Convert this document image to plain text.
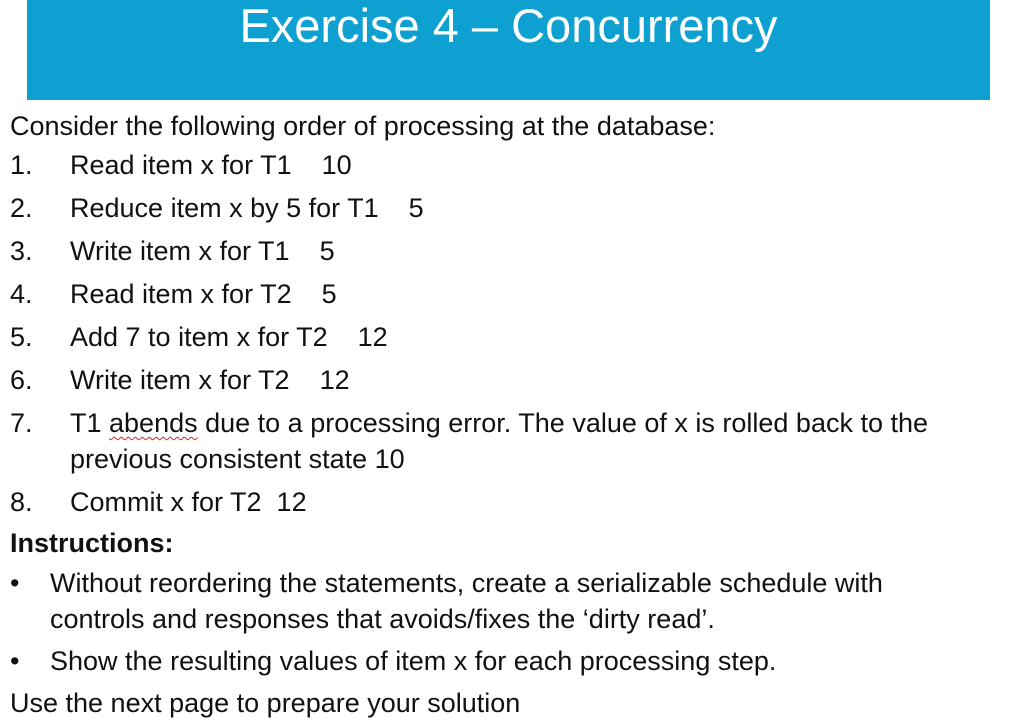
Exercise 4 – Concurrency
Consider the following order of processing at the database:
1. Read item x for T1 10
2. Reduce item x by 5 for T1 5
3. Write item x for T1 5
4. Read item x for T2 5
5. Add 7 to item x for T2 12
6. Write item x for T2 12
7. T1 abends due to a processing error. The value of x is rolled back to the
previous consistent state 10
8. Commit x for T2 12
Instructions:
• Without reordering the statements, create a serializable schedule with
controls and responses that avoids/fixes the ‘dirty read’.
• Show the resulting values of item x for each processing step.
Use the next page to prepare your solution
